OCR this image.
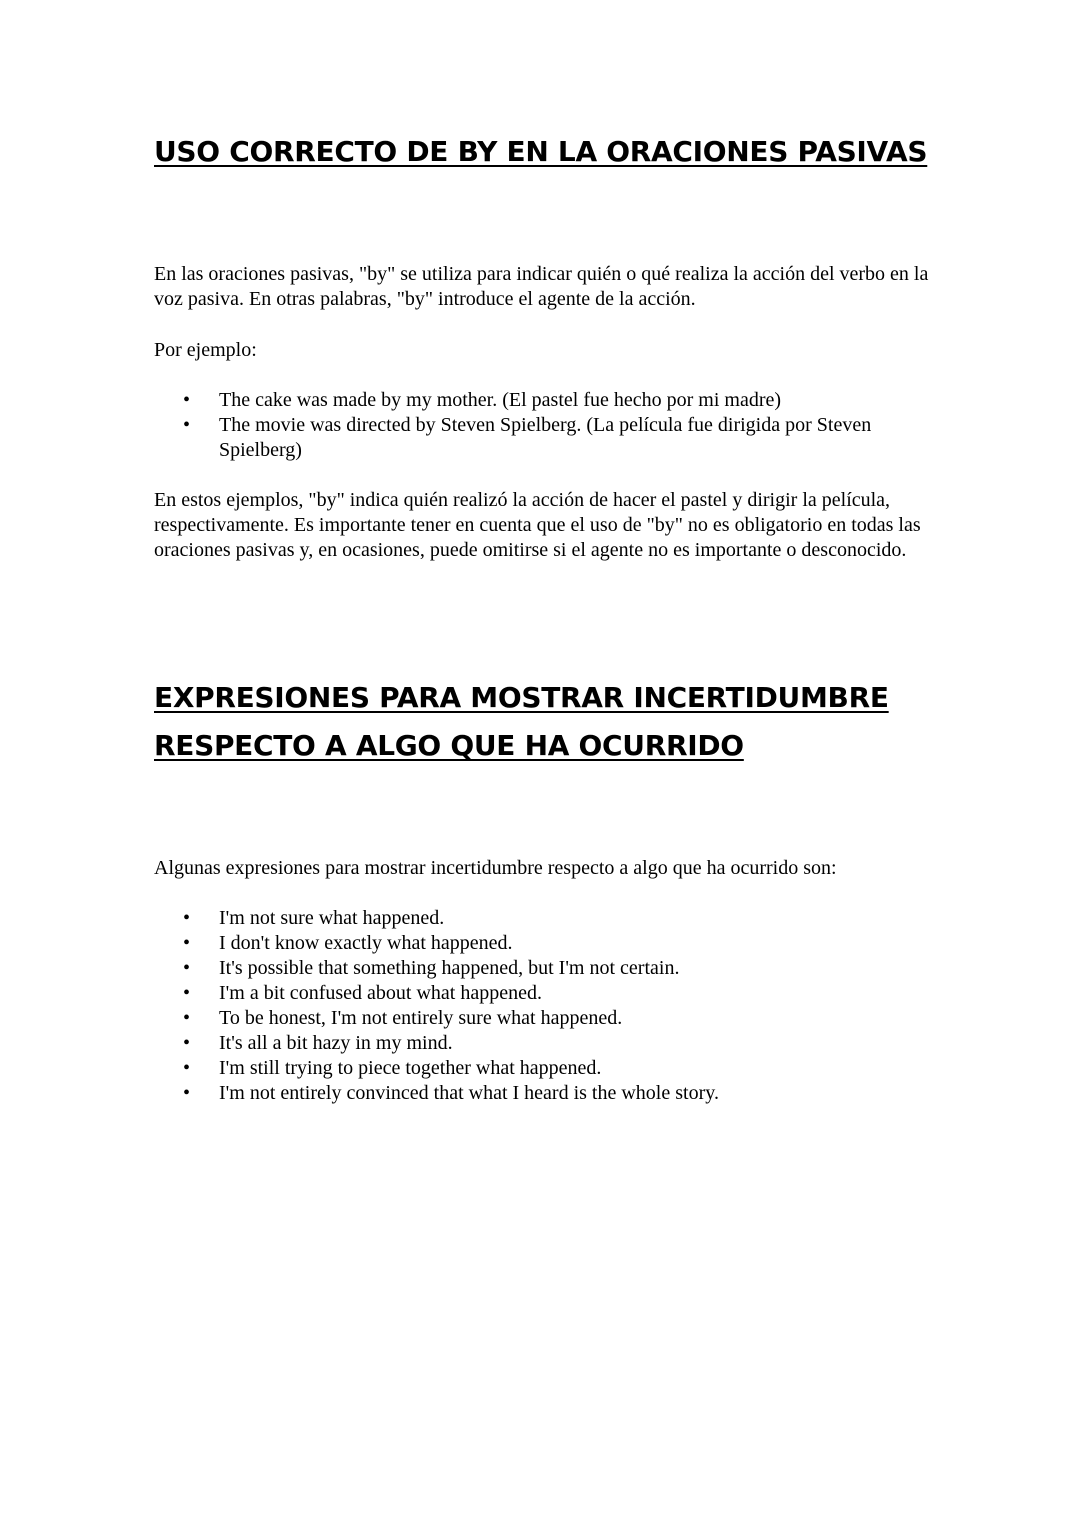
USO CORRECTO DE BY EN LA ORACIONES PASIVAS

En las oraciones pasivas, "by" se utiliza para indicar quién o qué realiza la acción del verbo en la voz pasiva. En otras palabras, "by" introduce el agente de la acción.

Por ejemplo:

• The cake was made by my mother. (El pastel fue hecho por mi madre)
• The movie was directed by Steven Spielberg. (La película fue dirigida por Steven Spielberg)

En estos ejemplos, "by" indica quién realizó la acción de hacer el pastel y dirigir la película, respectivamente. Es importante tener en cuenta que el uso de "by" no es obligatorio en todas las oraciones pasivas y, en ocasiones, puede omitirse si el agente no es importante o desconocido.

EXPRESIONES PARA MOSTRAR INCERTIDUMBRE RESPECTO A ALGO QUE HA OCURRIDO

Algunas expresiones para mostrar incertidumbre respecto a algo que ha ocurrido son:

• I'm not sure what happened.
• I don't know exactly what happened.
• It's possible that something happened, but I'm not certain.
• I'm a bit confused about what happened.
• To be honest, I'm not entirely sure what happened.
• It's all a bit hazy in my mind.
• I'm still trying to piece together what happened.
• I'm not entirely convinced that what I heard is the whole story.
